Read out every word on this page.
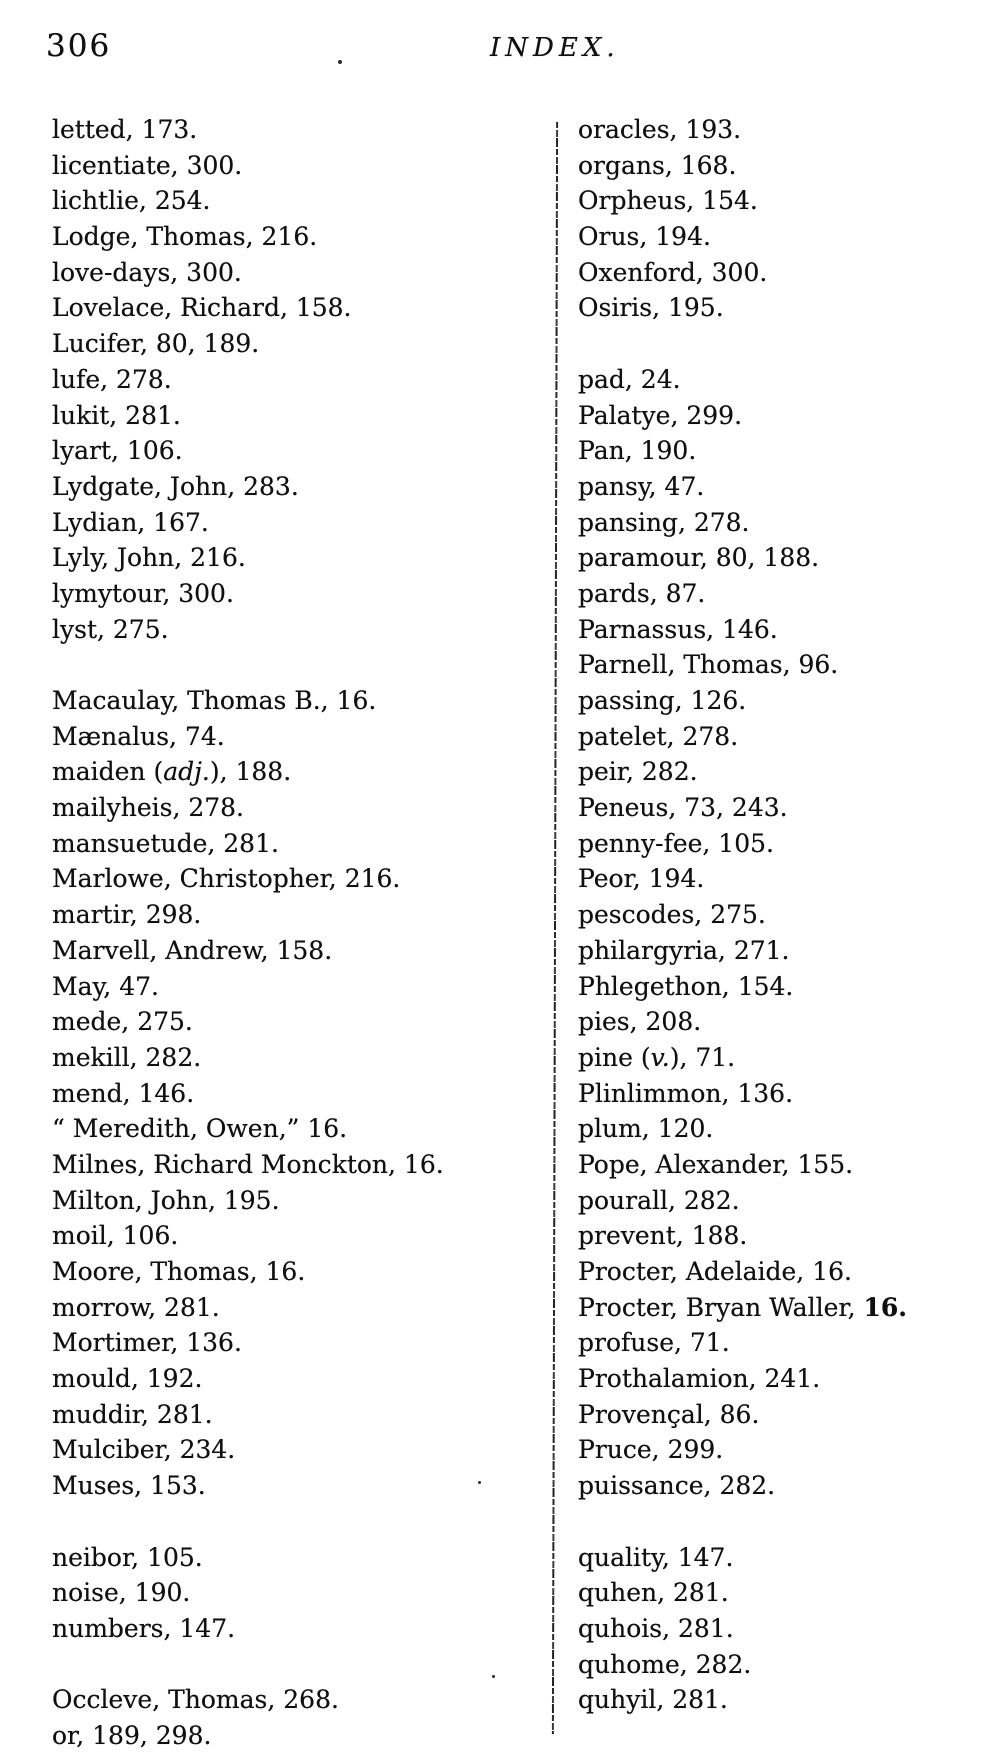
306	INDEX.
letted, 173.
licentiate, 300.
lichtlie, 254.
Lodge, Thomas, 216.
love-days, 300.
Lovelace, Richard, 158.
Lucifer, 80, 189.
lufe, 278.
lukit, 281.
lyart, 106.
Lydgate, John, 283.
Lydian, 167.
Lyly, John, 216.
lymytour, 300.
lyst, 275.

Macaulay, Thomas B., 16.
Mænalus, 74.
maiden (adj.), 188.
mailyheis, 278.
mansuetude, 281.
Marlowe, Christopher, 216.
martir, 298.
Marvell, Andrew, 158.
May, 47.
mede, 275.
mekill, 282.
mend, 146.
“ Meredith, Owen,” 16.
Milnes, Richard Monckton, 16.
Milton, John, 195.
moil, 106.
Moore, Thomas, 16.
morrow, 281.
Mortimer, 136.
mould, 192.
muddir, 281.
Mulciber, 234.
Muses, 153.

neibor, 105.
noise, 190.
numbers, 147.

Occleve, Thomas, 268.
or, 189, 298.
oracles, 193.
organs, 168.
Orpheus, 154.
Orus, 194.
Oxenford, 300.
Osiris, 195.

pad, 24.
Palatye, 299.
Pan, 190.
pansy, 47.
pansing, 278.
paramour, 80, 188.
pards, 87.
Parnassus, 146.
Parnell, Thomas, 96.
passing, 126.
patelet, 278.
peir, 282.
Peneus, 73, 243.
penny-fee, 105.
Peor, 194.
pescodes, 275.
philargyria, 271.
Phlegethon, 154.
pies, 208.
pine (v.), 71.
Plinlimmon, 136.
plum, 120.
Pope, Alexander, 155.
pourall, 282.
prevent, 188.
Procter, Adelaide, 16.
Procter, Bryan Waller, 16.
profuse, 71.
Prothalamion, 241.
Provençal, 86.
Pruce, 299.
puissance, 282.

quality, 147.
quhen, 281.
quhois, 281.
quhome, 282.
quhyil, 281.
